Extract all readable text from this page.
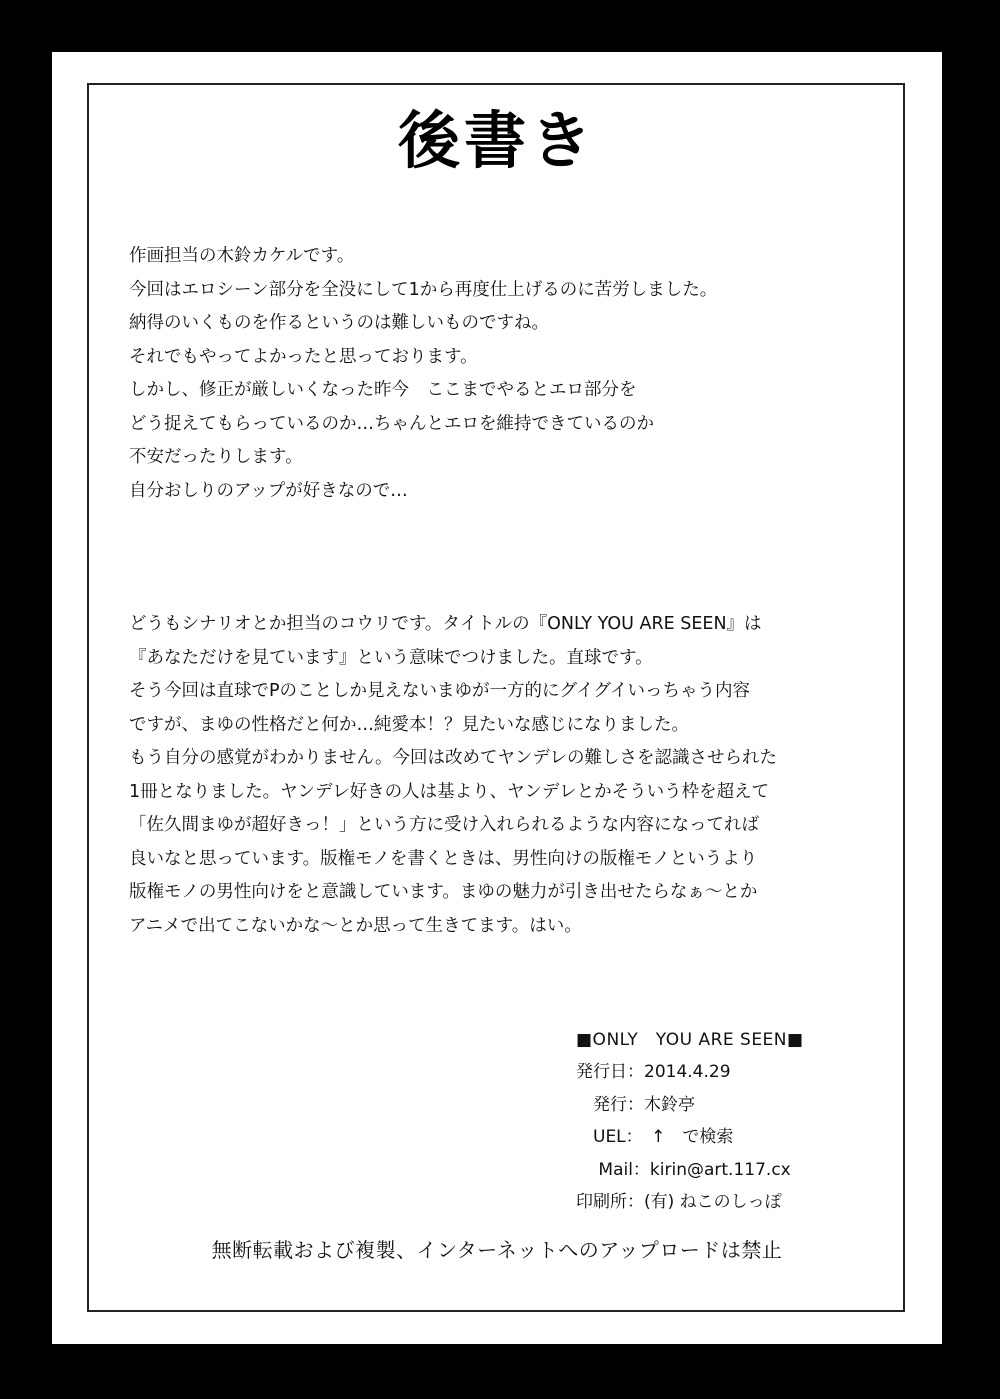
後書き
作画担当の木鈴カケルです。
今回はエロシーン部分を全没にして1から再度仕上げるのに苦労しました。
納得のいくものを作るというのは難しいものですね。
それでもやってよかったと思っております。
しかし、修正が厳しいくなった昨今　ここまでやるとエロ部分を
どう捉えてもらっているのか…ちゃんとエロを維持できているのか
不安だったりします。
自分おしりのアップが好きなので…
どうもシナリオとか担当のコウリです。タイトルの『ONLY YOU ARE SEEN』は
『あなただけを見ています』という意味でつけました。直球です。
そう今回は直球でPのことしか見えないまゆが一方的にグイグイいっちゃう内容
ですが、まゆの性格だと何か…純愛本！？見たいな感じになりました。
もう自分の感覚がわかりません。今回は改めてヤンデレの難しさを認識させられた
1冊となりました。ヤンデレ好きの人は基より、ヤンデレとかそういう枠を超えて
「佐久間まゆが超好きっ！」という方に受け入れられるような内容になってれば
良いなと思っています。版権モノを書くときは、男性向けの版権モノというより
版権モノの男性向けをと意識しています。まゆの魅力が引き出せたらなぁ～とか
アニメで出てこないかな～とか思って生きてます。はい。
■ONLY　YOU ARE SEEN■
発行日：2014.4.29
　発行：木鈴亭
　UEL：　↑　で検索
　 Mail：kirin@art.117.cx
印刷所：(有) ねこのしっぽ
無断転載および複製、インターネットへのアップロードは禁止
